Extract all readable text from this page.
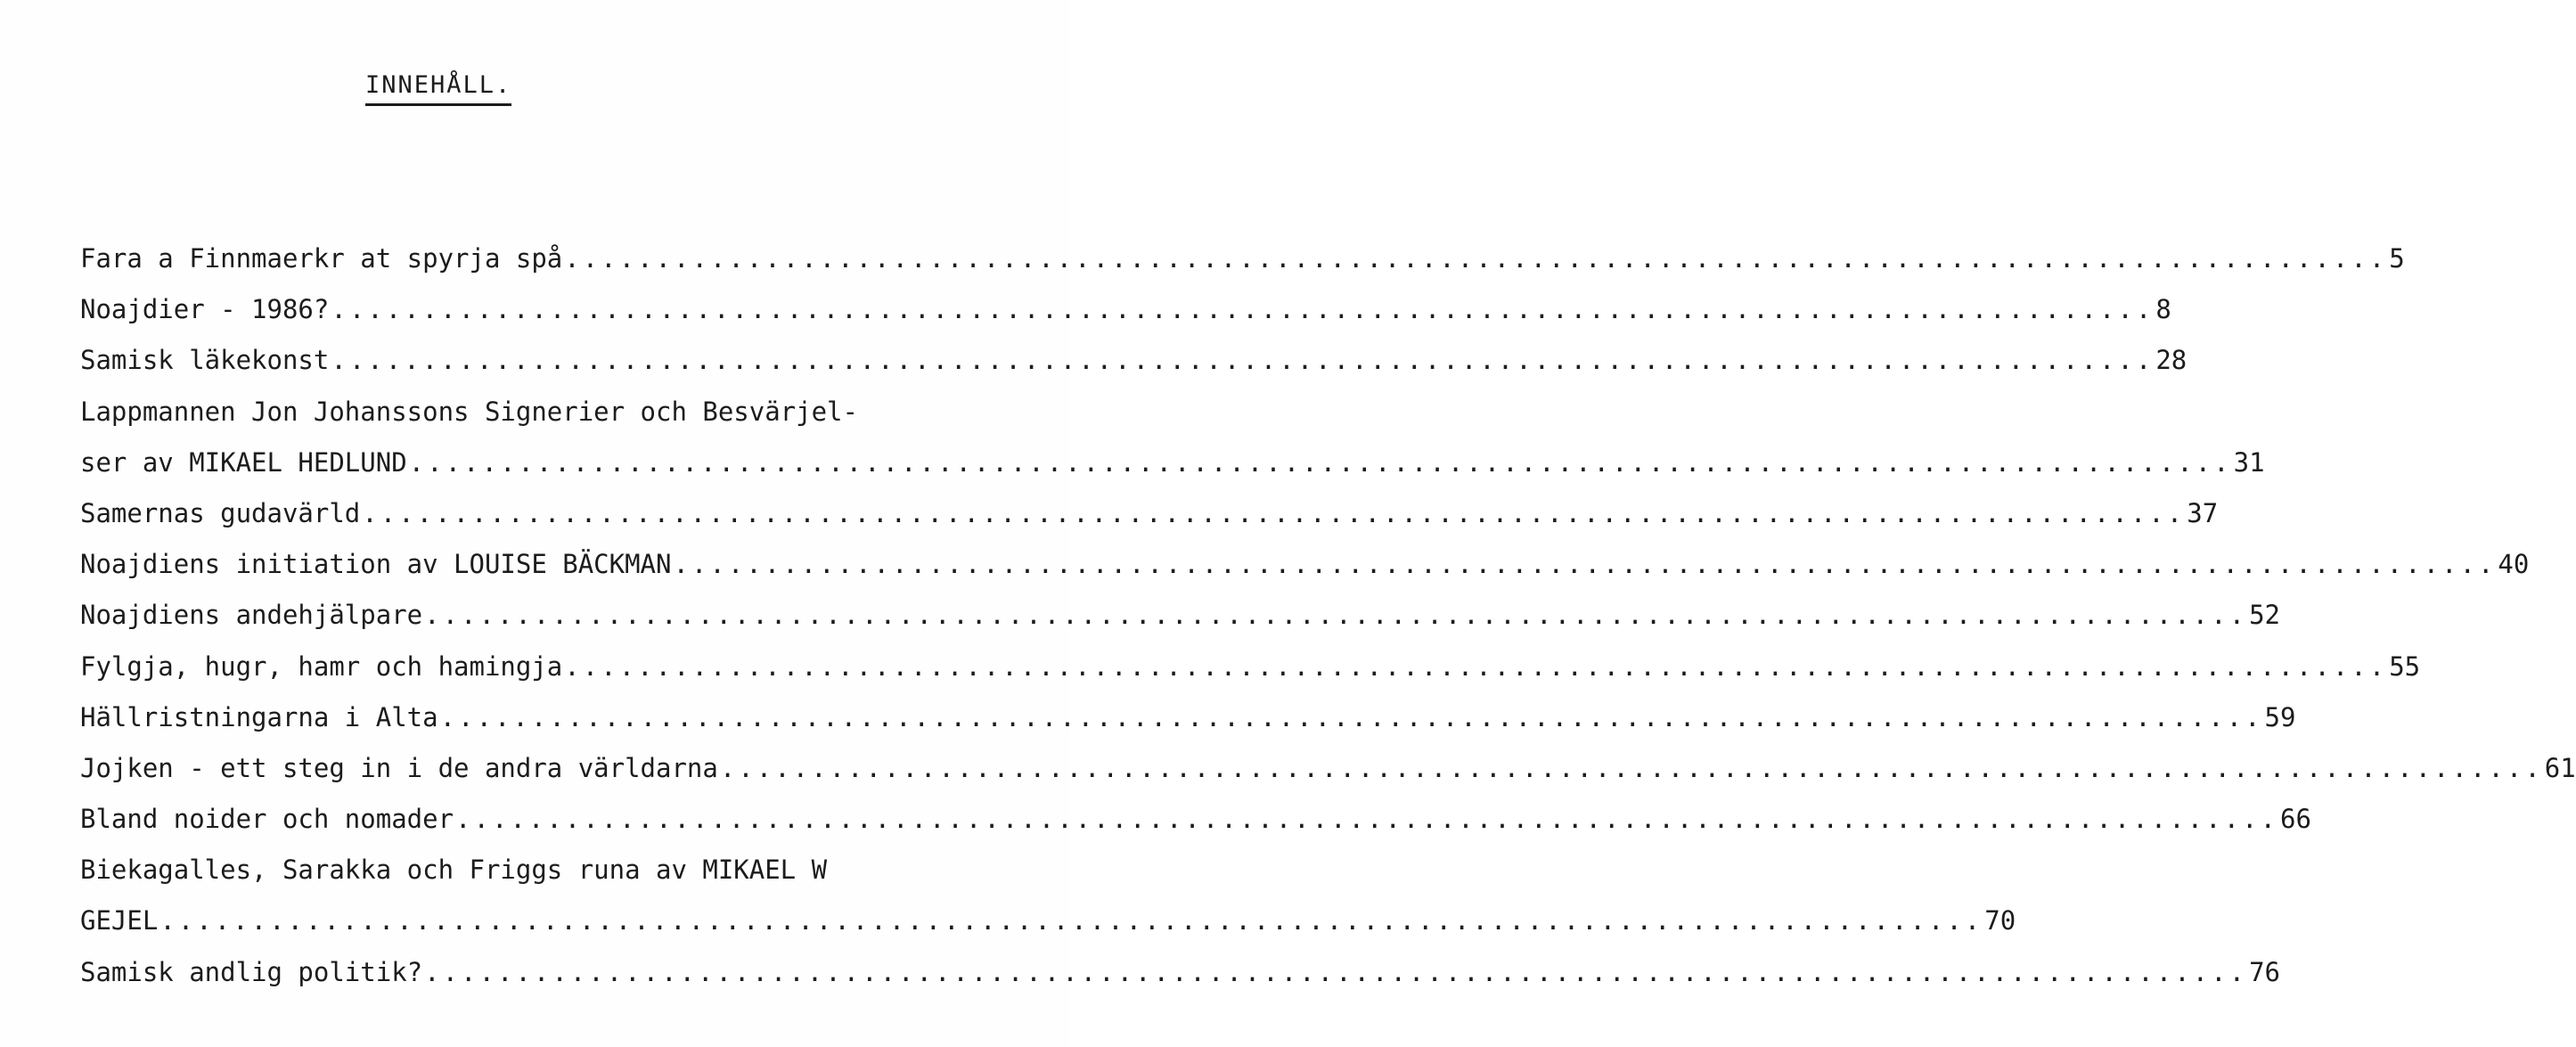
INNEHÅLL.
Fara a Finnmaerkr at spyrja spå .................................................................................................... 5
Noajdier - 1986? .................................................................................................... 8
Samisk läkekonst .................................................................................................... 28
Lappmannen Jon Johanssons Signerier och Besvärjel-
ser av MIKAEL HEDLUND .................................................................................................... 31
Samernas gudavärld .................................................................................................... 37
Noajdiens initiation av LOUISE BÄCKMAN .................................................................................................... 40
Noajdiens andehjälpare .................................................................................................... 52
Fylgja, hugr, hamr och hamingja .................................................................................................... 55
Hällristningarna i Alta .................................................................................................... 59
Jojken - ett steg in i de andra världarna .................................................................................................... 61
Bland noider och nomader .................................................................................................... 66
Biekagalles, Sarakka och Friggs runa av MIKAEL W
GEJEL .................................................................................................... 70
Samisk andlig politik? .................................................................................................... 76
